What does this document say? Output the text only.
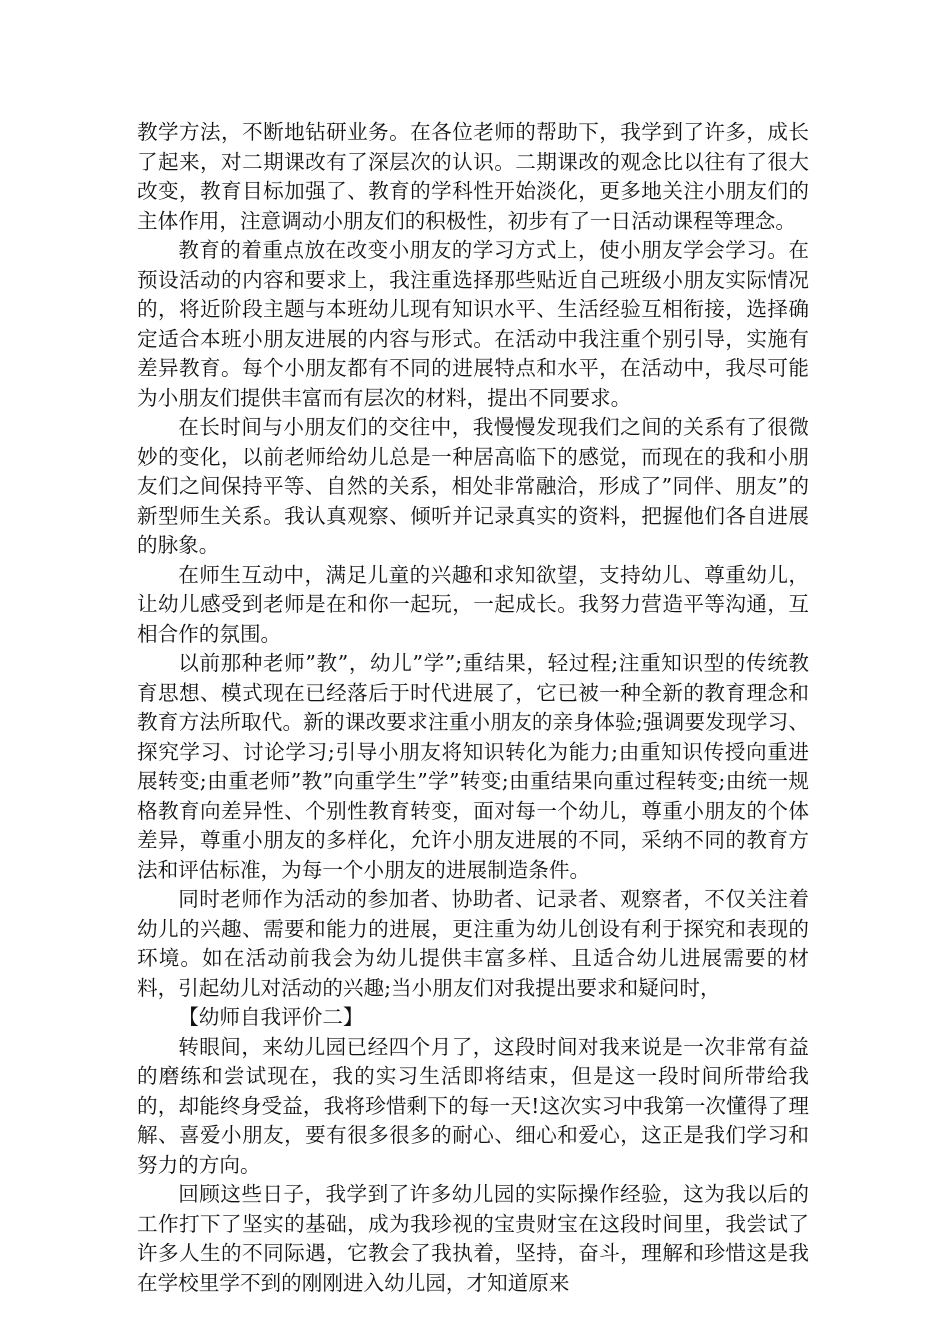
教学方法，不断地钻研业务。在各位老师的帮助下，我学到了许多，成长了起来，对二期课改有了深层次的认识。二期课改的观念比以往有了很大改变，教育目标加强了、教育的学科性开始淡化，更多地关注小朋友们的主体作用，注意调动小朋友们的积极性，初步有了一日活动课程等理念。

教育的着重点放在改变小朋友的学习方式上，使小朋友学会学习。在预设活动的内容和要求上，我注重选择那些贴近自己班级小朋友实际情况的，将近阶段主题与本班幼儿现有知识水平、生活经验互相衔接，选择确定适合本班小朋友进展的内容与形式。在活动中我注重个别引导，实施有差异教育。每个小朋友都有不同的进展特点和水平，在活动中，我尽可能为小朋友们提供丰富而有层次的材料，提出不同要求。

在长时间与小朋友们的交往中，我慢慢发现我们之间的关系有了很微妙的变化，以前老师给幼儿总是一种居高临下的感觉，而现在的我和小朋友们之间保持平等、自然的关系，相处非常融洽，形成了”同伴、朋友”的新型师生关系。我认真观察、倾听并记录真实的资料，把握他们各自进展的脉象。

在师生互动中，满足儿童的兴趣和求知欲望，支持幼儿、尊重幼儿，让幼儿感受到老师是在和你一起玩，一起成长。我努力营造平等沟通，互相合作的氛围。

以前那种老师”教”，幼儿”学”;重结果，轻过程;注重知识型的传统教育思想、模式现在已经落后于时代进展了，它已被一种全新的教育理念和教育方法所取代。新的课改要求注重小朋友的亲身体验;强调要发现学习、探究学习、讨论学习;引导小朋友将知识转化为能力;由重知识传授向重进展转变;由重老师”教”向重学生”学”转变;由重结果向重过程转变;由统一规格教育向差异性、个别性教育转变，面对每一个幼儿，尊重小朋友的个体差异，尊重小朋友的多样化，允许小朋友进展的不同，采纳不同的教育方法和评估标准，为每一个小朋友的进展制造条件。

同时老师作为活动的参加者、协助者、记录者、观察者，不仅关注着幼儿的兴趣、需要和能力的进展，更注重为幼儿创设有利于探究和表现的环境。如在活动前我会为幼儿提供丰富多样、且适合幼儿进展需要的材料，引起幼儿对活动的兴趣;当小朋友们对我提出要求和疑问时，

【幼师自我评价二】

转眼间，来幼儿园已经四个月了，这段时间对我来说是一次非常有益的磨练和尝试现在，我的实习生活即将结束，但是这一段时间所带给我的，却能终身受益，我将珍惜剩下的每一天!这次实习中我第一次懂得了理解、喜爱小朋友，要有很多很多的耐心、细心和爱心，这正是我们学习和努力的方向。

回顾这些日子，我学到了许多幼儿园的实际操作经验，这为我以后的工作打下了坚实的基础，成为我珍视的宝贵财宝在这段时间里，我尝试了许多人生的不同际遇，它教会了我执着，坚持，奋斗，理解和珍惜这是我在学校里学不到的刚刚进入幼儿园，才知道原来
